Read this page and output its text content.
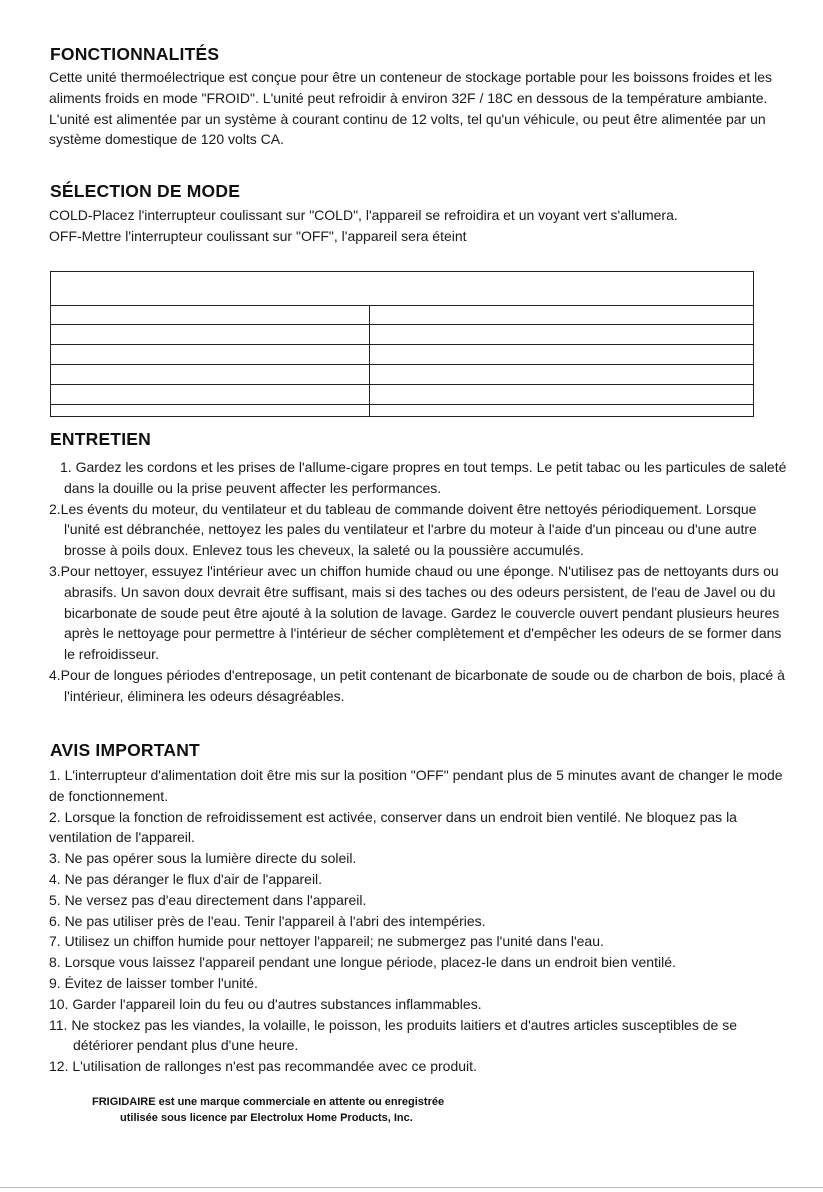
FONCTIONNALITÉS

Cette unité thermoélectrique est conçue pour être un conteneur de stockage portable pour les boissons froides et les aliments froids en mode "FROID". L'unité peut refroidir à environ 32F / 18C en dessous de la température ambiante. L'unité est alimentée par un système à courant continu de 12 volts, tel qu'un véhicule, ou peut être alimentée par un système domestique de 120 volts CA.

SÉLECTION DE MODE

COLD-Placez l'interrupteur coulissant sur "COLD", l'appareil se refroidira et un voyant vert s'allumera.

OFF-Mettre l'interrupteur coulissant sur "OFF", l'appareil sera éteint

ENTRETIEN

1. Gardez les cordons et les prises de l'allume-cigare propres en tout temps. Le petit tabac ou les particules de saleté dans la douille ou la prise peuvent affecter les performances.

2.Les évents du moteur, du ventilateur et du tableau de commande doivent être nettoyés périodiquement. Lorsque l'unité est débranchée, nettoyez les pales du ventilateur et l'arbre du moteur à l'aide d'un pinceau ou d'une autre brosse à poils doux. Enlevez tous les cheveux, la saleté ou la poussière accumulés.

3.Pour nettoyer, essuyez l'intérieur avec un chiffon humide chaud ou une éponge. N'utilisez pas de nettoyants durs ou abrasifs. Un savon doux devrait être suffisant, mais si des taches ou des odeurs persistent, de l'eau de Javel ou du bicarbonate de soude peut être ajouté à la solution de lavage. Gardez le couvercle ouvert pendant plusieurs heures après le nettoyage pour permettre à l'intérieur de sécher complètement et d'empêcher les odeurs de se former dans le refroidisseur.

4.Pour de longues périodes d'entreposage, un petit contenant de bicarbonate de soude ou de charbon de bois, placé à l'intérieur, éliminera les odeurs désagréables.

AVIS IMPORTANT

1. L'interrupteur d'alimentation doit être mis sur la position "OFF" pendant plus de 5 minutes avant de changer le mode de fonctionnement.

2. Lorsque la fonction de refroidissement est activée, conserver dans un endroit bien ventilé. Ne bloquez pas la ventilation de l'appareil.

3. Ne pas opérer sous la lumière directe du soleil.

4. Ne pas déranger le flux d'air de l'appareil.

5. Ne versez pas d'eau directement dans l'appareil.

6. Ne pas utiliser près de l'eau. Tenir l'appareil à l'abri des intempéries.

7. Utilisez un chiffon humide pour nettoyer l'appareil; ne submergez pas l'unité dans l'eau.

8. Lorsque vous laissez l'appareil pendant une longue période, placez-le dans un endroit bien ventilé.

9. Évitez de laisser tomber l'unité.

10. Garder l'appareil loin du feu ou d'autres substances inflammables.

11. Ne stockez pas les viandes, la volaille, le poisson, les produits laitiers et d'autres articles susceptibles de se détériorer pendant plus d'une heure.

12. L'utilisation de rallonges n'est pas recommandée avec ce produit.

FRIGIDAIRE est une marque commerciale en attente ou enregistrée

utilisée sous licence par Electrolux Home Products, Inc.
